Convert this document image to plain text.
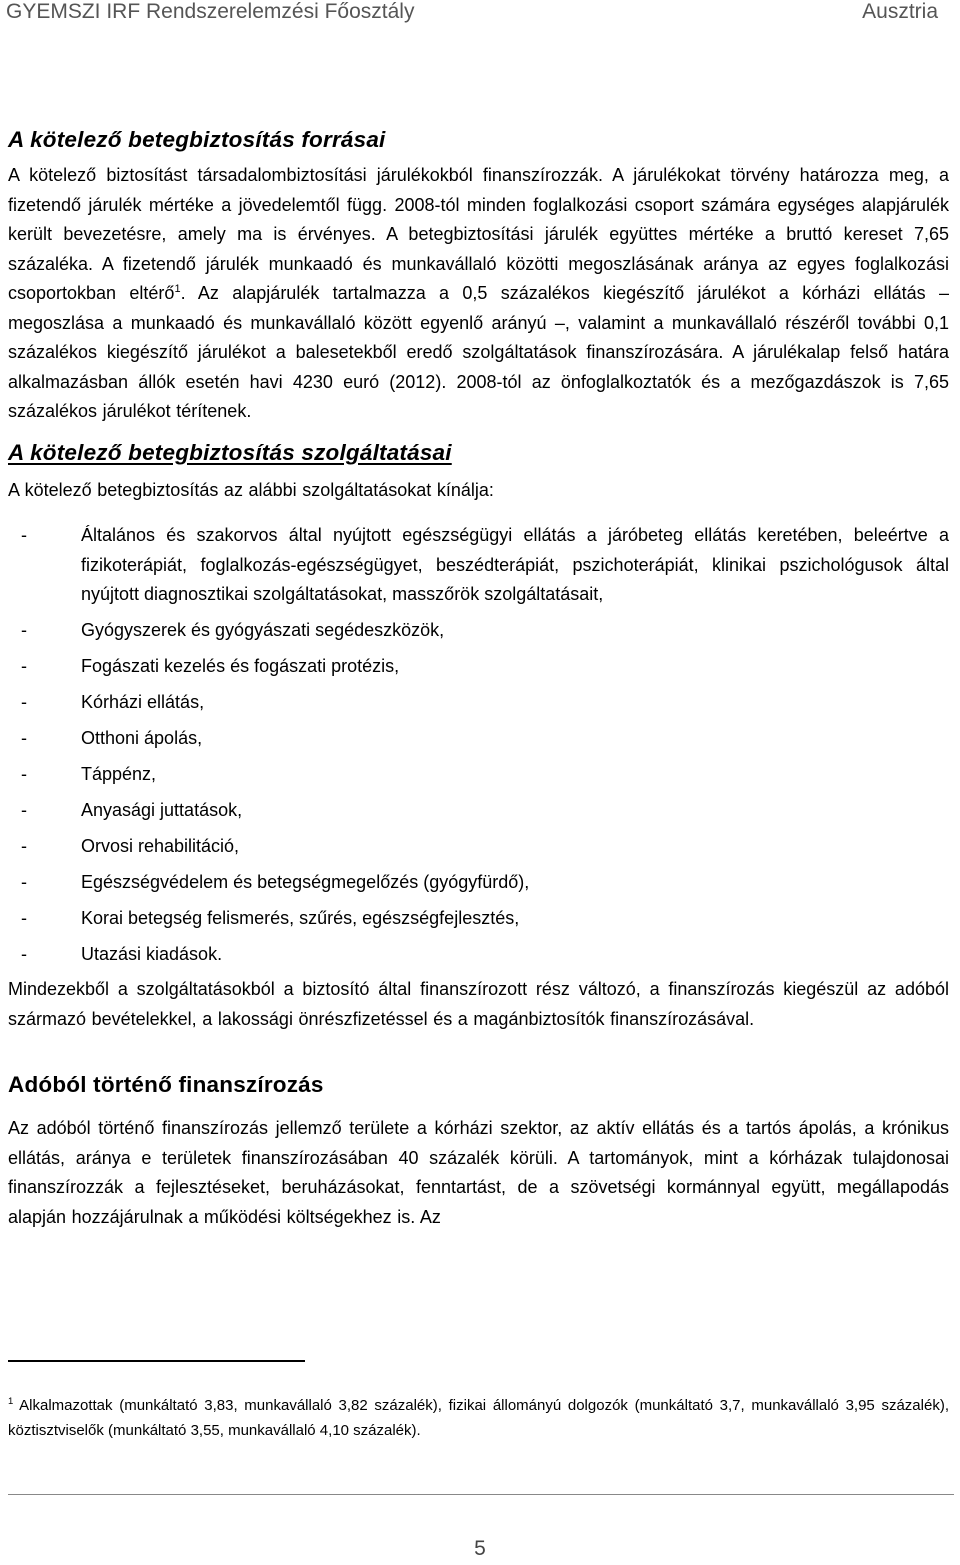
GYEMSZI IRF Rendszerelemzési Főosztály	Ausztria
A kötelező betegbiztosítás forrásai

A kötelező biztosítást társadalombiztosítási járulékokból finanszírozzák. A járulékokat törvény határozza meg, a fizetendő járulék mértéke a jövedelemtől függ. 2008-tól minden foglalkozási csoport számára egységes alapjárulék került bevezetésre, amely ma is érvényes. A betegbiztosítási járulék együttes mértéke a bruttó kereset 7,65 százaléka. A fizetendő járulék munkaadó és munkavállaló közötti megoszlásának aránya az egyes foglalkozási csoportokban eltérő$^1$. Az alapjárulék tartalmazza a 0,5 százalékos kiegészítő járulékot a kórházi ellátás – megoszlása a munkaadó és munkavállaló között egyenlő arányú –, valamint a munkavállaló részéről további 0,1 százalékos kiegészítő járulékot a balesetekből eredő szolgáltatások finanszírozására. A járulékalap felső határa alkalmazásban állók esetén havi 4230 euró (2012). 2008-tól az önfoglalkoztatók és a mezőgazdászok is 7,65 százalékos járulékot térítenek.

A kötelező betegbiztosítás szolgáltatásai

A kötelező betegbiztosítás az alábbi szolgáltatásokat kínálja:

-	Általános és szakorvos által nyújtott egészségügyi ellátás a járóbeteg ellátás keretében, beleértve a fizikoterápiát, foglalkozás-egészségügyet, beszédterápiát, pszichoterápiát, klinikai pszichológusok által nyújtott diagnosztikai szolgáltatásokat, masszőrök szolgáltatásait,
-	Gyógyszerek és gyógyászati segédeszközök,
-	Fogászati kezelés és fogászati protézis,
-	Kórházi ellátás,
-	Otthoni ápolás,
-	Táppénz,
-	Anyasági juttatások,
-	Orvosi rehabilitáció,
-	Egészségvédelem és betegségmegelőzés (gyógyfürdő),
-	Korai betegség felismerés, szűrés, egészségfejlesztés,
-	Utazási kiadások.

Mindezekből a szolgáltatásokból a biztosító által finanszírozott rész változó, a finanszírozás kiegészül az adóból származó bevételekkel, a lakossági önrészfizetéssel és a magánbiztosítók finanszírozásával.

Adóból történő finanszírozás

Az adóból történő finanszírozás jellemző területe a kórházi szektor, az aktív ellátás és a tartós ápolás, a krónikus ellátás, aránya e területek finanszírozásában 40 százalék körüli. A tartományok, mint a kórházak tulajdonosai finanszírozzák a fejlesztéseket, beruházásokat, fenntartást, de a szövetségi kormánnyal együtt, megállapodás alapján hozzájárulnak a működési költségekhez is. Az

$^1$ Alkalmazottak (munkáltató 3,83, munkavállaló 3,82 százalék), fizikai állományú dolgozók (munkáltató 3,7, munkavállaló 3,95 százalék), köztisztviselők (munkáltató 3,55, munkavállaló 4,10 százalék).
5
